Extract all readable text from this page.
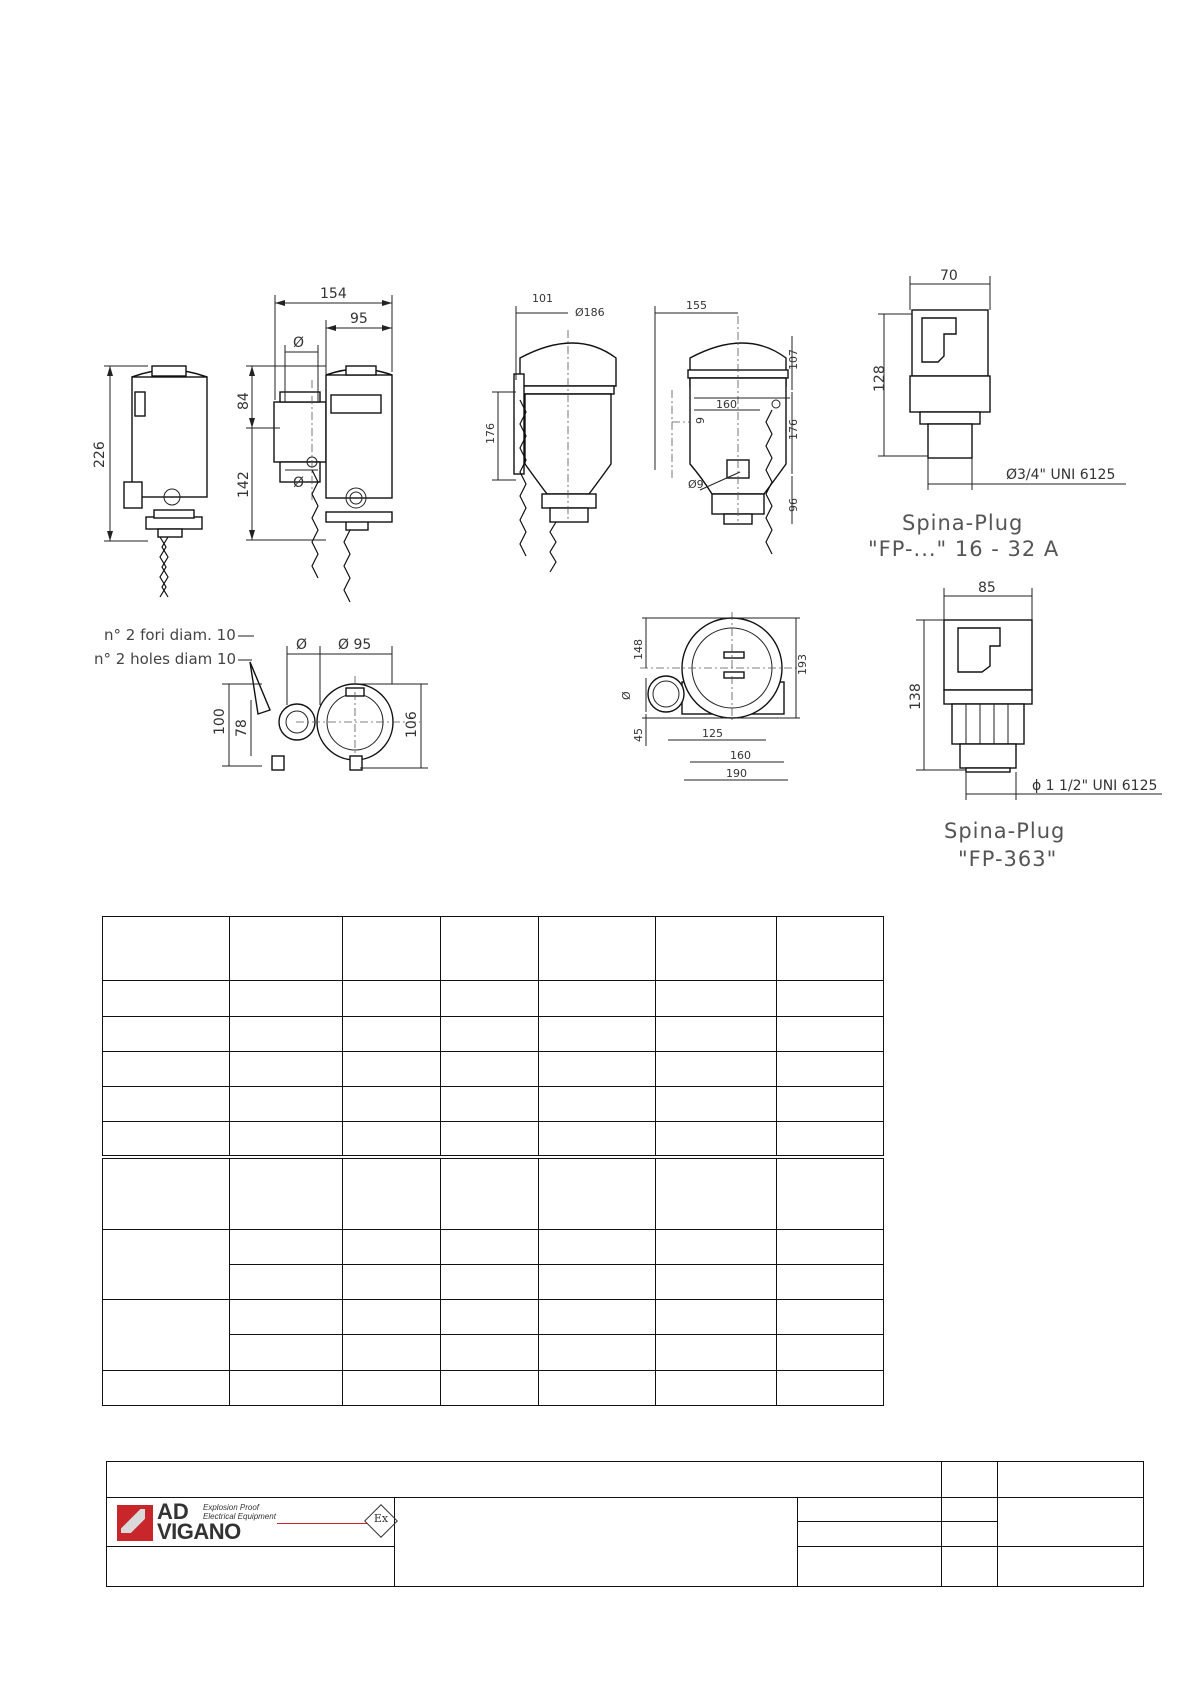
226
154
95
Ø
Ø
84
142
n° 2 fori diam. 10
n° 2 holes diam 10
Ø Ø 95
100 78	106
101
Ø186
176
155
107
160
9	176
Ø9
96
148
193
Ø
45	125
160
190
70
128
Ø3/4" UNI 6125
Spina-Plug
"FP-..." 16 - 32 A
85
138
ϕ 1 1/2" UNI 6125
Spina-Plug
"FP-363"

AD
VIGANO
Explosion Proof
Electrical Equipment Ex				
